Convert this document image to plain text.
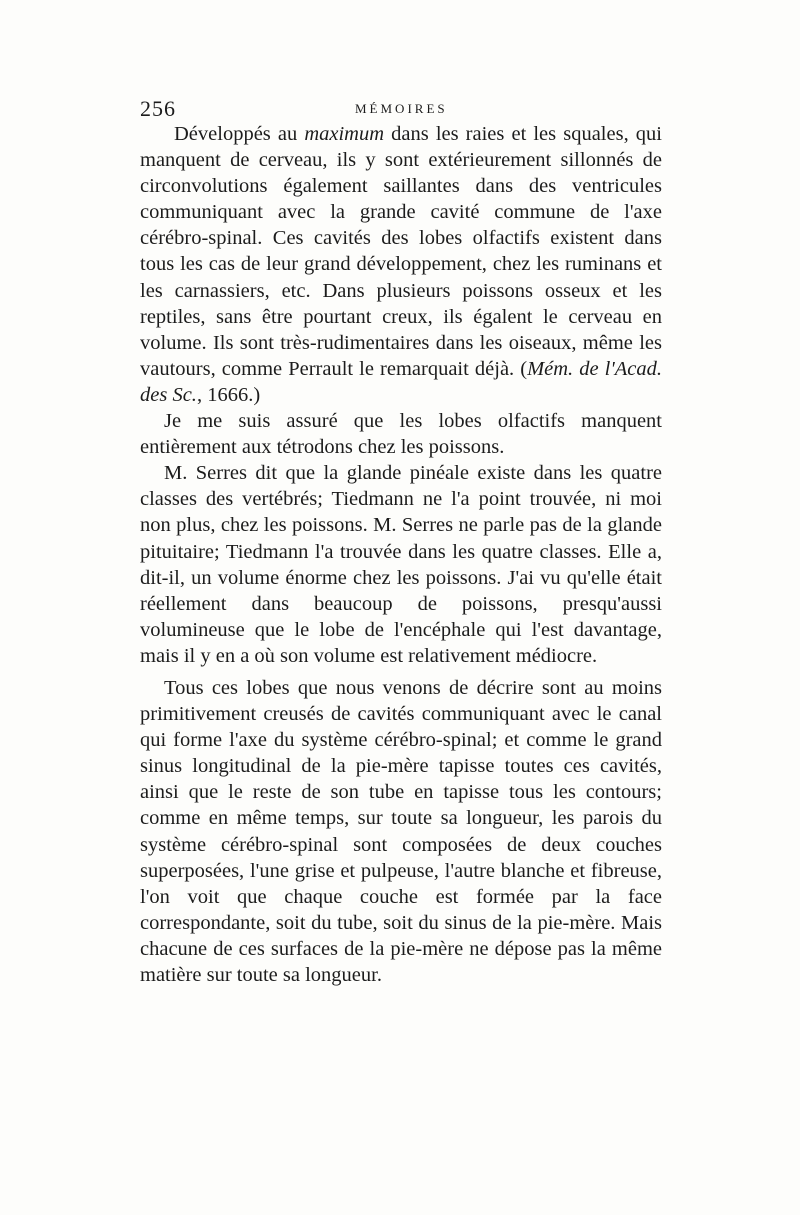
256	MÉMOIRES

Développés au maximum dans les raies et les squales, qui manquent de cerveau, ils y sont extérieurement sillonnés de circonvolutions également saillantes dans des ventricules communiquant avec la grande cavité commune de l'axe cérébro-spinal. Ces cavités des lobes olfactifs existent dans tous les cas de leur grand développement, chez les ruminans et les carnassiers, etc. Dans plusieurs poissons osseux et les reptiles, sans être pourtant creux, ils égalent le cerveau en volume. Ils sont très-rudimentaires dans les oiseaux, même les vautours, comme Perrault le remarquait déjà. (Mém. de l'Acad. des Sc., 1666.)

Je me suis assuré que les lobes olfactifs manquent entièrement aux tétrodons chez les poissons.

M. Serres dit que la glande pinéale existe dans les quatre classes des vertébrés; Tiedmann ne l'a point trouvée, ni moi non plus, chez les poissons. M. Serres ne parle pas de la glande pituitaire; Tiedmann l'a trouvée dans les quatre classes. Elle a, dit-il, un volume énorme chez les poissons. J'ai vu qu'elle était réellement dans beaucoup de poissons, presqu'aussi volumineuse que le lobe de l'encéphale qui l'est davantage, mais il y en a où son volume est relativement médiocre.

Tous ces lobes que nous venons de décrire sont au moins primitivement creusés de cavités communiquant avec le canal qui forme l'axe du système cérébro-spinal; et comme le grand sinus longitudinal de la pie-mère tapisse toutes ces cavités, ainsi que le reste de son tube en tapisse tous les contours; comme en même temps, sur toute sa longueur, les parois du système cérébro-spinal sont composées de deux couches superposées, l'une grise et pulpeuse, l'autre blanche et fibreuse, l'on voit que chaque couche est formée par la face correspondante, soit du tube, soit du sinus de la pie-mère. Mais chacune de ces surfaces de la pie-mère ne dépose pas la même matière sur toute sa longueur.
